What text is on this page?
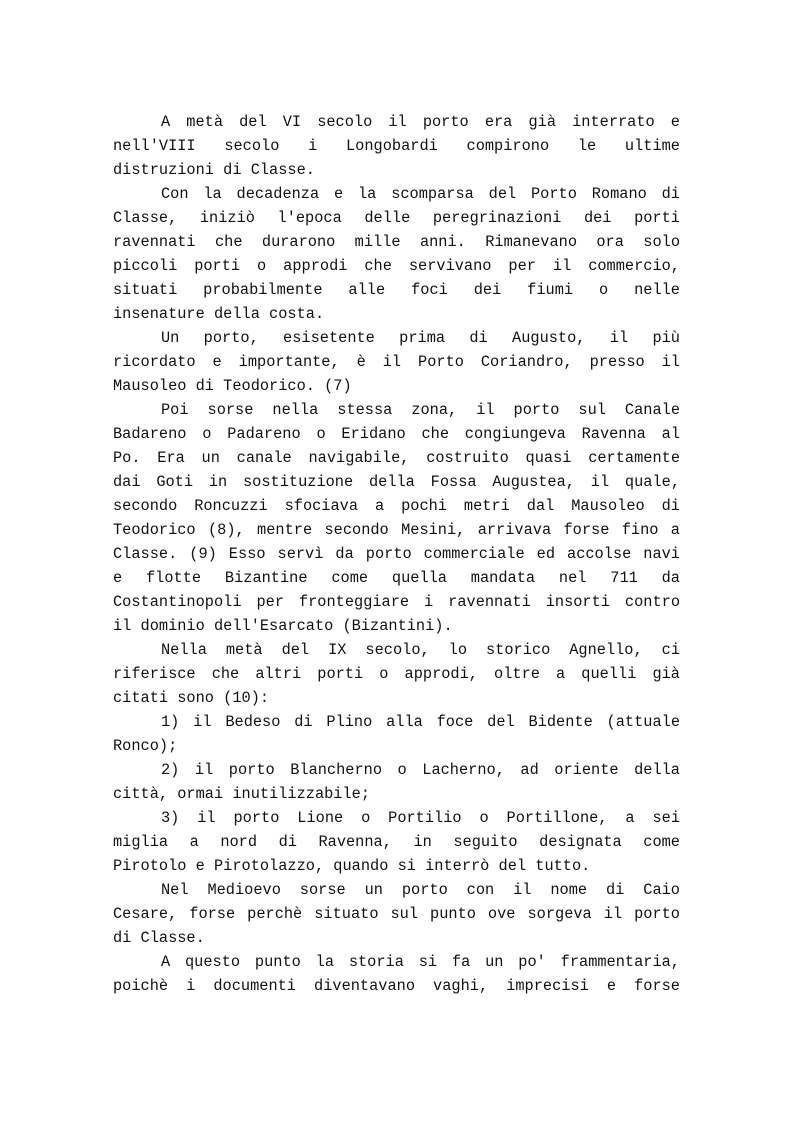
A metà del VI secolo il porto era già interrato e
nell'VIII secolo i Longobardi compirono le ultime
distruzioni di Classe.
Con la decadenza e la scomparsa del Porto Romano di
Classe, iniziò l'epoca delle peregrinazioni dei porti
ravennati che durarono mille anni. Rimanevano ora solo
piccoli porti o approdi che servivano per il commercio,
situati probabilmente alle foci dei fiumi o nelle
insenature della costa.
Un porto, esisetente prima di Augusto, il più
ricordato e importante, è il Porto Coriandro, presso il
Mausoleo di Teodorico. (7)
Poi sorse nella stessa zona, il porto sul Canale
Badareno o Padareno o Eridano che congiungeva Ravenna al
Po. Era un canale navigabile, costruito quasi certamente
dai Goti in sostituzione della Fossa Augustea, il quale,
secondo Roncuzzi sfociava a pochi metri dal Mausoleo di
Teodorico (8), mentre secondo Mesini, arrivava forse fino a
Classe. (9) Esso servì da porto commerciale ed accolse navi
e flotte Bizantine come quella mandata nel 711 da
Costantinopoli per fronteggiare i ravennati insorti contro
il dominio dell'Esarcato (Bizantini).
Nella metà del IX secolo, lo storico Agnello, ci
riferisce che altri porti o approdi, oltre a quelli già
citati sono (10):
1) il Bedeso di Plino alla foce del Bidente (attuale
Ronco);
2) il porto Blancherno o Lacherno, ad oriente della
città, ormai inutilizzabile;
3) il porto Lione o Portilio o Portillone, a sei
miglia a nord di Ravenna, in seguito designata come
Pirotolo e Pirotolazzo, quando si interrò del tutto.
Nel Medioevo sorse un porto con il nome di Caio
Cesare, forse perchè situato sul punto ove sorgeva il porto
di Classe.
A questo punto la storia si fa un po' frammentaria,
poichè i documenti diventavano vaghi, imprecisi e forse
